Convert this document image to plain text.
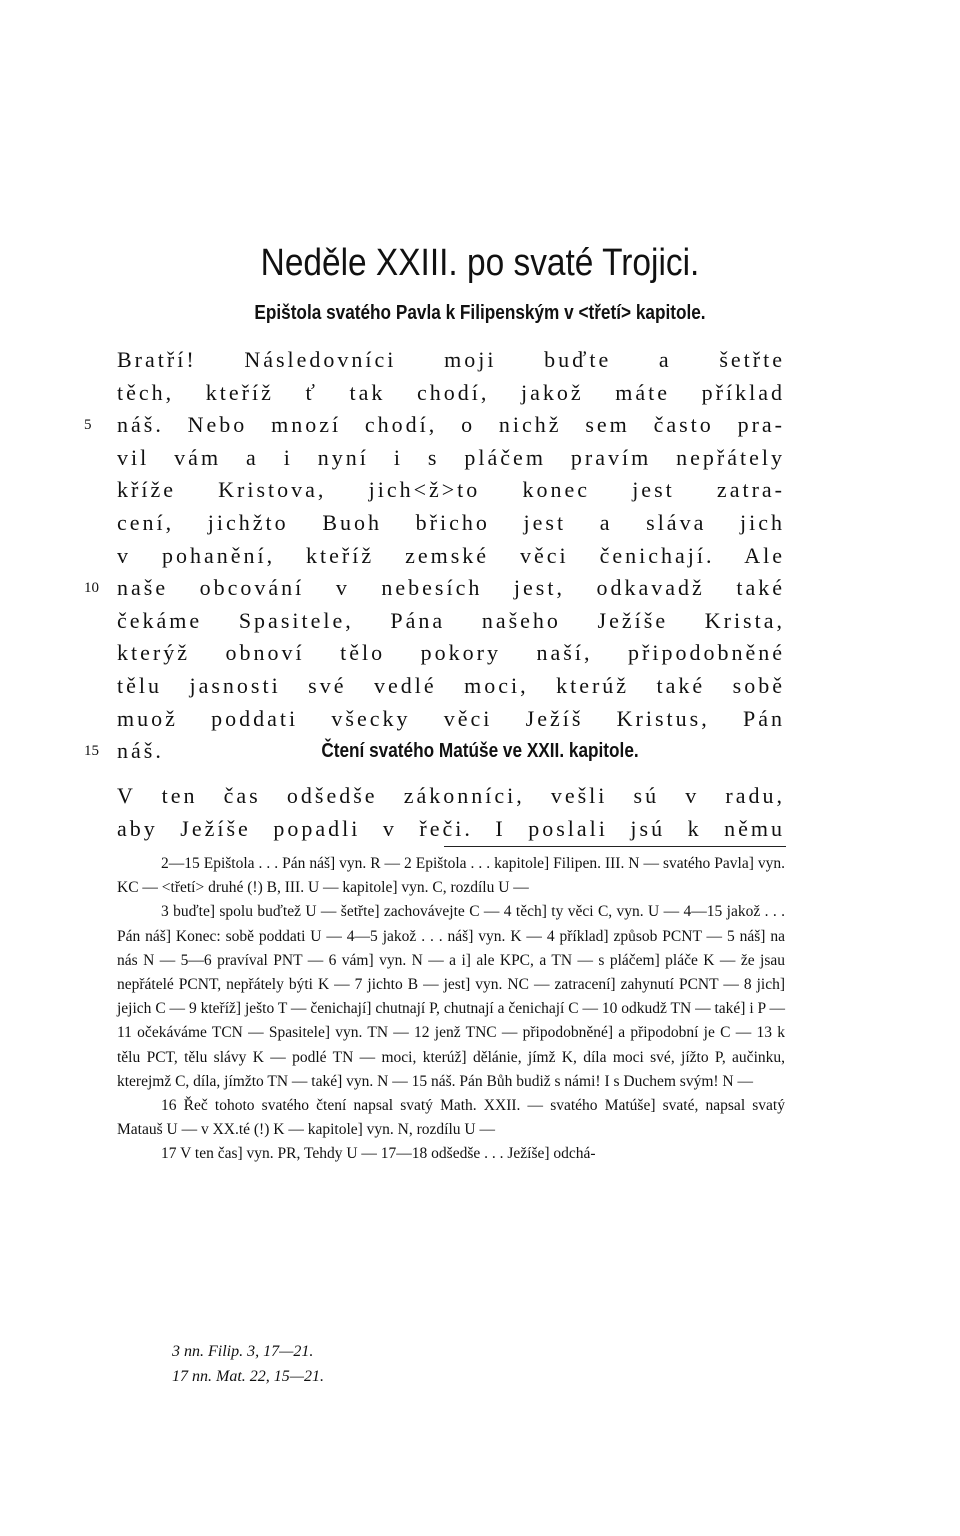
Neděle XXIII. po svaté Trojici.
Epištola svatého Pavla k Filipenským v <třetí> kapitole.
Bratří! Následovníci moji buďte a šetřte
těch, kteříž ť tak chodí, jakož máte příklad
5	náš. Nebo mnozí chodí, o nichž sem často pra-
vil vám a i nyní i s pláčem pravím nepřátely
kříže Kristova, jich<ž>to konec jest zatra-
cení, jichžto Buoh břicho jest a sláva jich
v pohanění, kteříž zemské věci čenichají. Ale
10 naše obcování v nebesích jest, odkavadž také
čekáme Spasitele, Pána našeho Ježíše Krista,
kterýž obnoví tělo pokory naší, připodobněné
tělu jasnosti své vedlé moci, kterúž také sobě
muož poddati všecky věci Ježíš Kristus, Pán
15 náš.	Čtení svatého Matúše ve XXII. kapitole.
V ten čas odšedše zákonníci, vešli sú v radu,
aby Ježíše popadli v řeči. I poslali jsú k němu

2—15 Epištola . . . Pán náš] vyn. R — 2 Epištola . . . kapitole] Filipen. III. N — svatého Pavla] vyn. KC — <třetí> druhé (!) B, III. U — kapitole] vyn. C, rozdílu U —

3 buďte] spolu buďtež U — šetřte] zachovávejte C — 4 těch] ty věci C, vyn. U — 4—15 jakož . . . Pán náš] Konec: sobě poddati U — 4—5 jakož . . . náš] vyn. K — 4 příklad] způsob PCNT — 5 náš] na nás N — 5—6 pravíval PNT — 6 vám] vyn. N — a i] ale KPC, a TN — s pláčem] pláče K — že jsau nepřátelé PCNT, nepřátely býti K — 7 jichto B — jest] vyn. NC — zatracení] zahynutí PCNT — 8 jich] jejich C — 9 kteříž] ješto T — čenichají] chutnají P, chutnají a čenichají C — 10 odkudž TN — také] i P — 11 očekáváme TCN — Spasitele] vyn. TN — 12 jenž TNC — připodobněné] a připodobní je C — 13 k tělu PCT, tělu slávy K — podlé TN — moci, kterúž] dělánie, jímž K, díla moci své, jížto P, aučinku, kterejmž C, díla, jímžto TN — také] vyn. N — 15 náš. Pán Bůh budiž s námi! I s Duchem svým! N —

16 Řeč tohoto svatého čtení napsal svatý Math. XXII. — svatého Matúše] svaté, napsal svatý Matauš U — v XX.té (!) K — kapitole] vyn. N, rozdílu U —

17 V ten čas] vyn. PR, Tehdy U — 17—18 odšedše . . . Ježíše] odchá-

3 nn. Filip. 3, 17—21.

17 nn. Mat. 22, 15—21.
